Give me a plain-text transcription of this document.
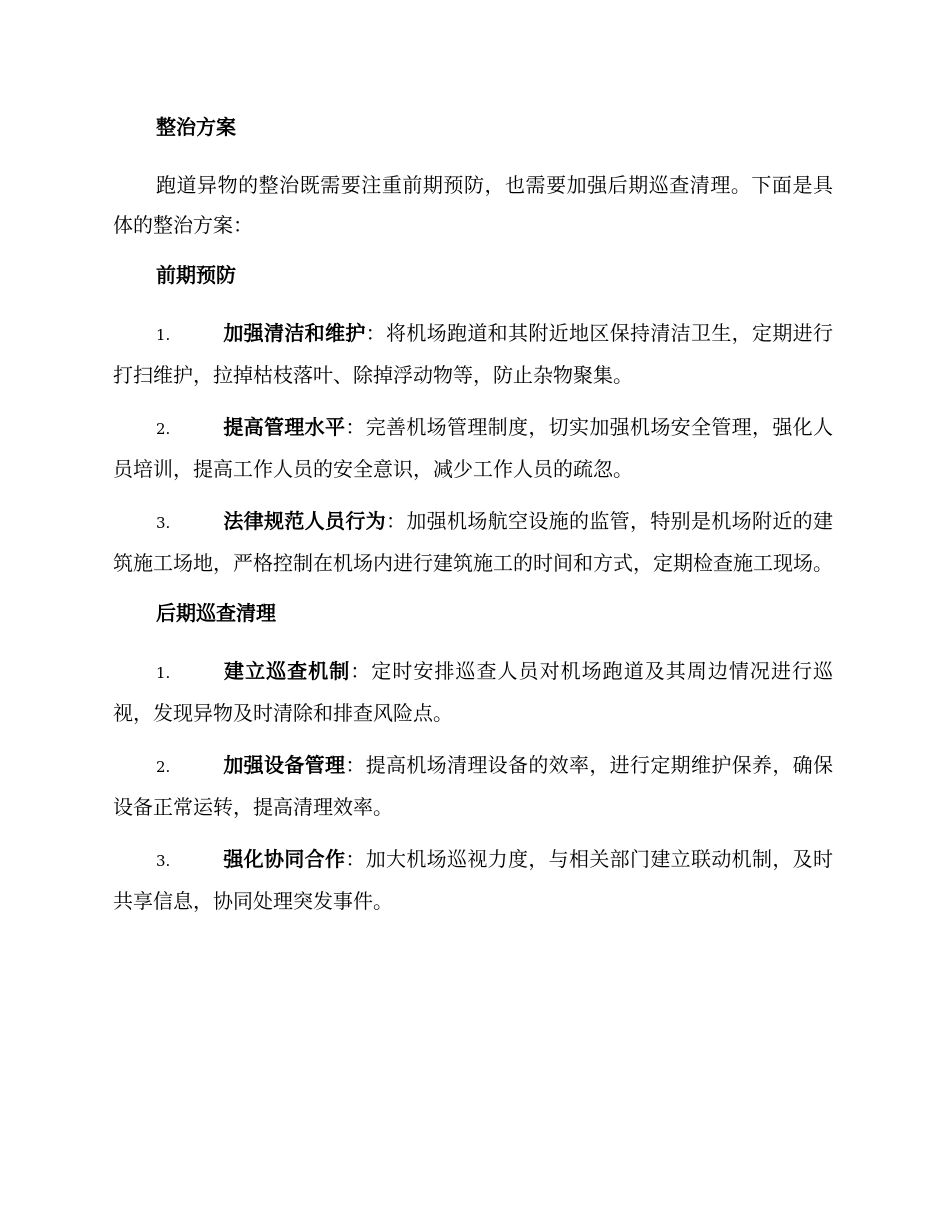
整治方案

跑道异物的整治既需要注重前期预防，也需要加强后期巡查清理。下面是具体的整治方案：

前期预防

1.	加强清洁和维护：将机场跑道和其附近地区保持清洁卫生，定期进行打扫维护，拉掉枯枝落叶、除掉浮动物等，防止杂物聚集。

2.	提高管理水平：完善机场管理制度，切实加强机场安全管理，强化人员培训，提高工作人员的安全意识，减少工作人员的疏忽。

3.	法律规范人员行为：加强机场航空设施的监管，特别是机场附近的建筑施工场地，严格控制在机场内进行建筑施工的时间和方式，定期检查施工现场。

后期巡查清理

1.	建立巡查机制：定时安排巡查人员对机场跑道及其周边情况进行巡视，发现异物及时清除和排查风险点。

2.	加强设备管理：提高机场清理设备的效率，进行定期维护保养，确保设备正常运转，提高清理效率。

3.	强化协同合作：加大机场巡视力度，与相关部门建立联动机制，及时共享信息，协同处理突发事件。
